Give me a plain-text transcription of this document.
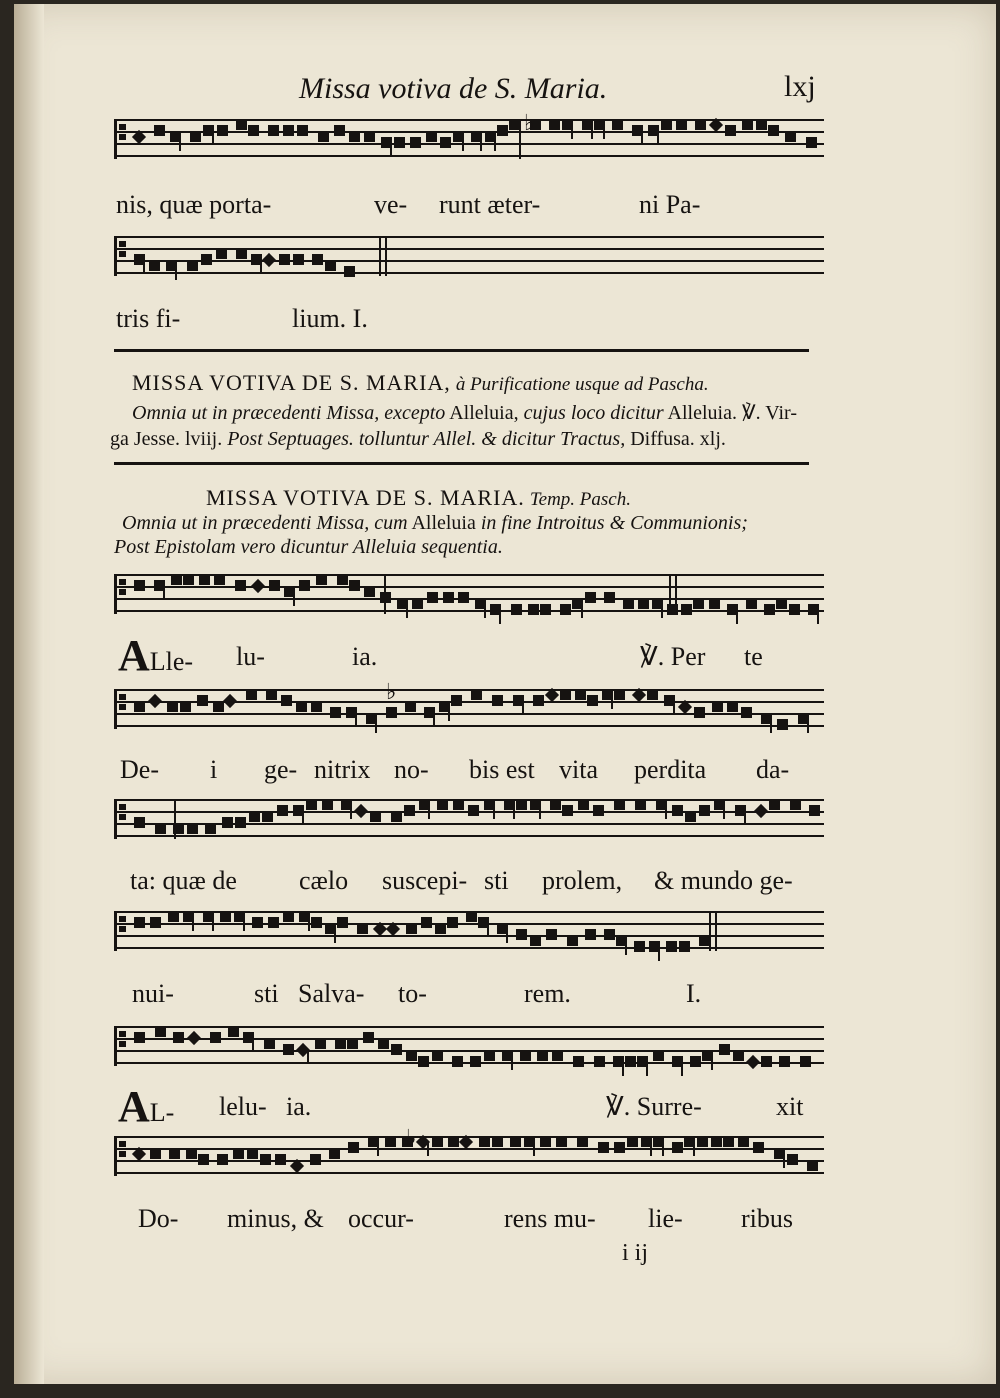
Missa votiva de S. Maria.	lxj
♭
nis, quæ porta-	ve- runt æter-	ni Pa-
tris fi-	lium. I.
MISSA VOTIVA DE S. MARIA, à Purificatione usque ad Pascha.
Omnia ut in præcedenti Missa, excepto Alleluia, cujus loco dicitur Alleluia. ℣. Vir-
ga Jesse. lviij. Post Septuages. tolluntur Allel. & dicitur Tractus, Diffusa. xlj.
MISSA VOTIVA DE S. MARIA. Temp. Pasch.
Omnia ut in præcedenti Missa, cum Alleluia in fine Introitus & Communionis;
Post Epistolam vero dicuntur Alleluia sequentia.
ALle- lu-	ia.	℣. Per te
♭
De- i ge- nitrix no- bis est vita perdita da-
ta: quæ de cælo suscepi- sti prolem, & mundo ge-
nui-	sti Salva- to-	rem.	I.
AL- lelu- ia.	℣. Surre-	xit
♭
Do- minus, & occur-	rens mu- lie- ribus
i ij
